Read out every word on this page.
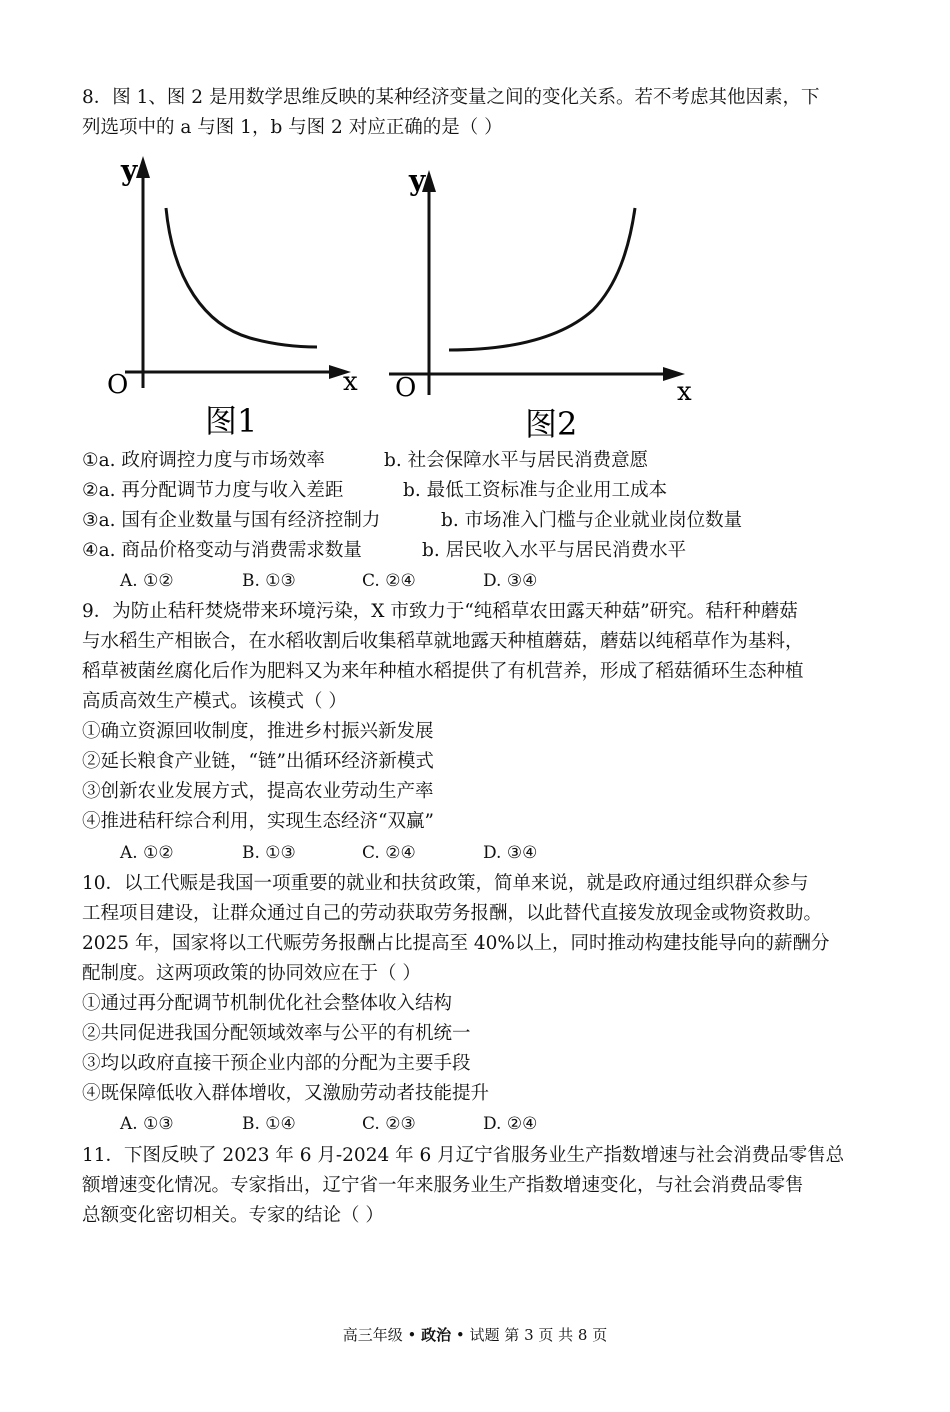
8．图 1、图 2 是用数学思维反映的某种经济变量之间的变化关系。若不考虑其他因素，下
列选项中的 a 与图 1，b 与图 2 对应正确的是（ ）
y
x
O
图1
y
x
O
图2
①a. 政府调控力度与市场效率	b. 社会保障水平与居民消费意愿
②a. 再分配调节力度与收入差距	b. 最低工资标准与企业用工成本
③a. 国有企业数量与国有经济控制力	b. 市场准入门槛与企业就业岗位数量
④a. 商品价格变动与消费需求数量	b. 居民收入水平与居民消费水平
A. ①②	B. ①③	C. ②④	D. ③④
9．为防止秸秆焚烧带来环境污染，X 市致力于“纯稻草农田露天种菇”研究。秸秆种蘑菇
与水稻生产相嵌合，在水稻收割后收集稻草就地露天种植蘑菇，蘑菇以纯稻草作为基料，
稻草被菌丝腐化后作为肥料又为来年种植水稻提供了有机营养，形成了稻菇循环生态种植
高质高效生产模式。该模式（ ）
①确立资源回收制度，推进乡村振兴新发展
②延长粮食产业链，“链”出循环经济新模式
③创新农业发展方式，提高农业劳动生产率
④推进秸秆综合利用，实现生态经济“双赢”
A. ①②	B. ①③	C. ②④	D. ③④
10．以工代赈是我国一项重要的就业和扶贫政策，简单来说，就是政府通过组织群众参与
工程项目建设，让群众通过自己的劳动获取劳务报酬，以此替代直接发放现金或物资救助。
2025 年，国家将以工代赈劳务报酬占比提高至 40%以上，同时推动构建技能导向的薪酬分
配制度。这两项政策的协同效应在于（ ）
①通过再分配调节机制优化社会整体收入结构
②共同促进我国分配领域效率与公平的有机统一
③均以政府直接干预企业内部的分配为主要手段
④既保障低收入群体增收，又激励劳动者技能提升
A. ①③	B. ①④	C. ②③	D. ②④
11．下图反映了 2023 年 6 月-2024 年 6 月辽宁省服务业生产指数增速与社会消费品零售总
额增速变化情况。专家指出，辽宁省一年来服务业生产指数增速变化，与社会消费品零售
总额变化密切相关。专家的结论（ ）
高三年级 • 政治 • 试题 第 3 页 共 8 页
